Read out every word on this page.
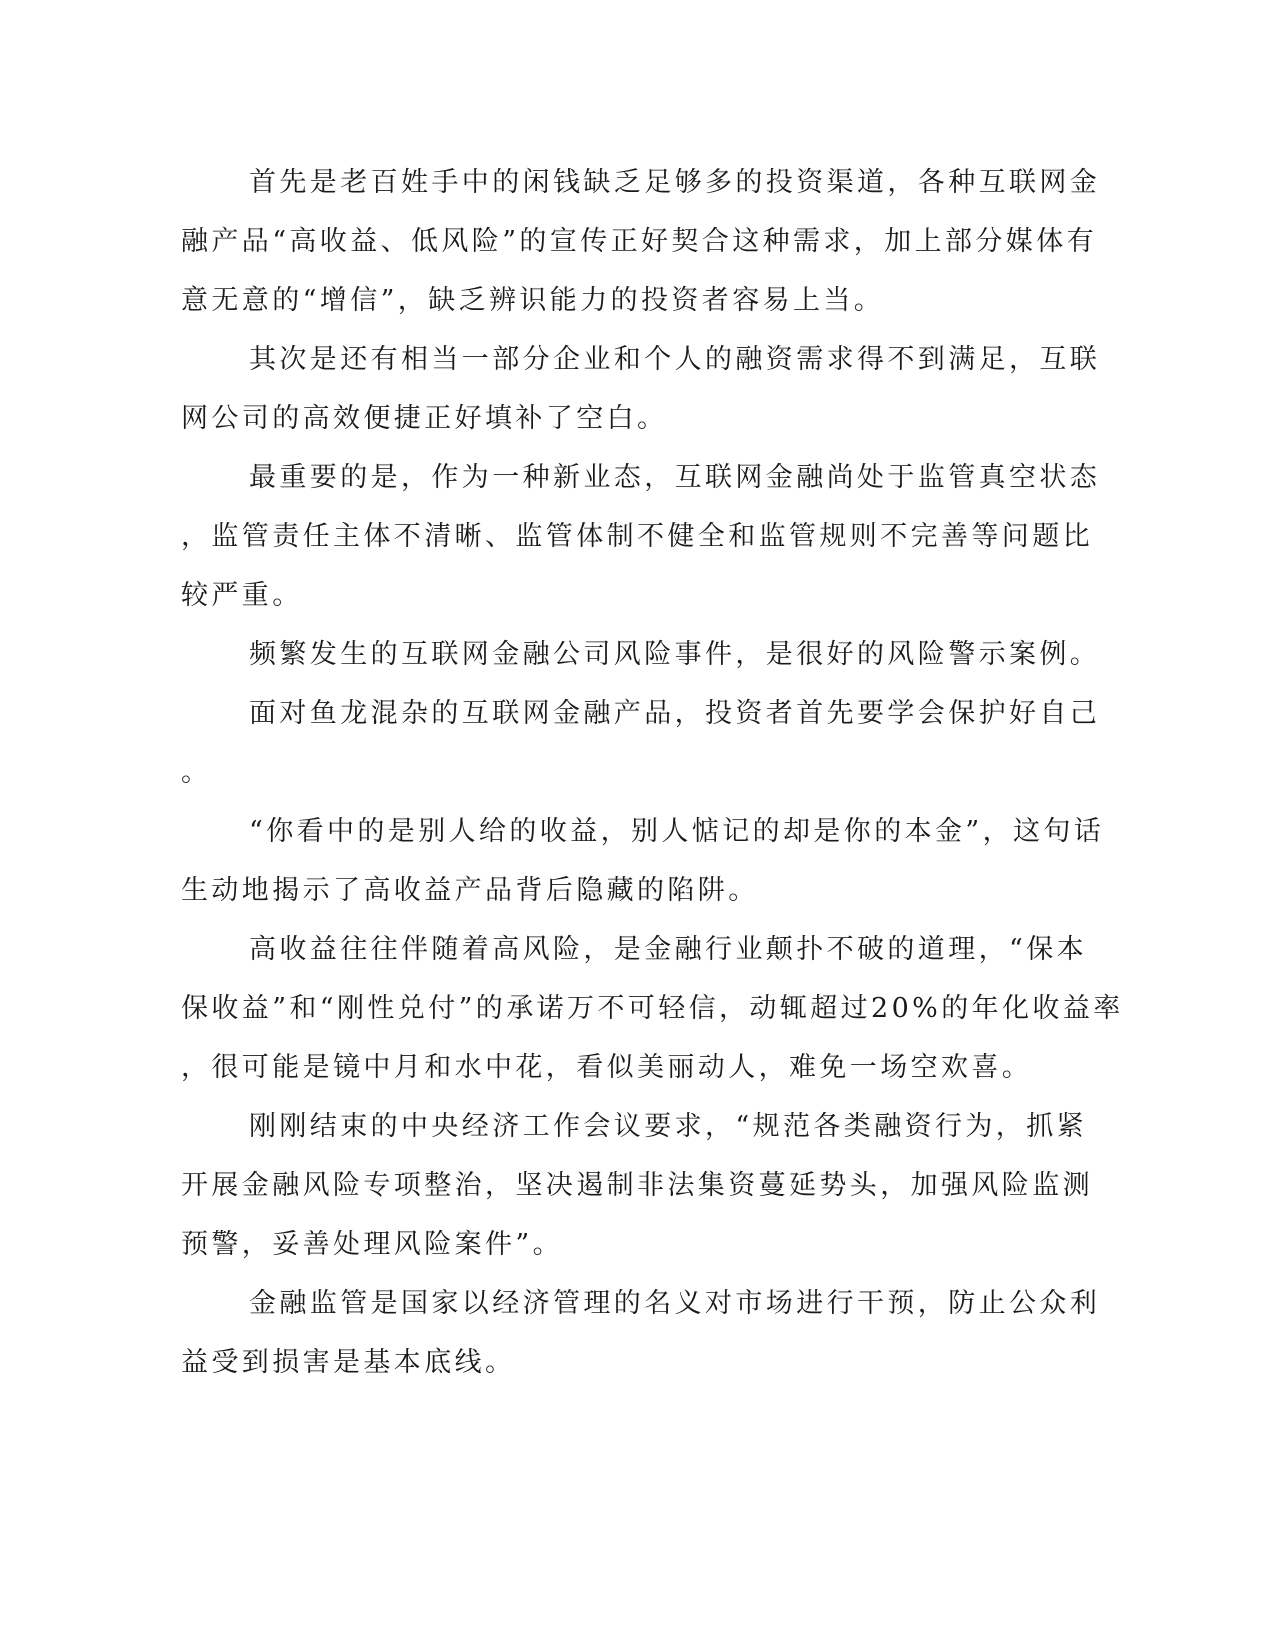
首先是老百姓手中的闲钱缺乏足够多的投资渠道，各种互联网金
融产品“高收益、低风险”的宣传正好契合这种需求，加上部分媒体有
意无意的“增信”，缺乏辨识能力的投资者容易上当。
其次是还有相当一部分企业和个人的融资需求得不到满足，互联
网公司的高效便捷正好填补了空白。
最重要的是，作为一种新业态，互联网金融尚处于监管真空状态
，监管责任主体不清晰、监管体制不健全和监管规则不完善等问题比
较严重。
频繁发生的互联网金融公司风险事件，是很好的风险警示案例。
面对鱼龙混杂的互联网金融产品，投资者首先要学会保护好自己
。
“你看中的是别人给的收益，别人惦记的却是你的本金”，这句话
生动地揭示了高收益产品背后隐藏的陷阱。
高收益往往伴随着高风险，是金融行业颠扑不破的道理，“保本
保收益”和“刚性兑付”的承诺万不可轻信，动辄超过20%的年化收益率
，很可能是镜中月和水中花，看似美丽动人，难免一场空欢喜。
刚刚结束的中央经济工作会议要求，“规范各类融资行为，抓紧
开展金融风险专项整治，坚决遏制非法集资蔓延势头，加强风险监测
预警，妥善处理风险案件”。
金融监管是国家以经济管理的名义对市场进行干预，防止公众利
益受到损害是基本底线。
